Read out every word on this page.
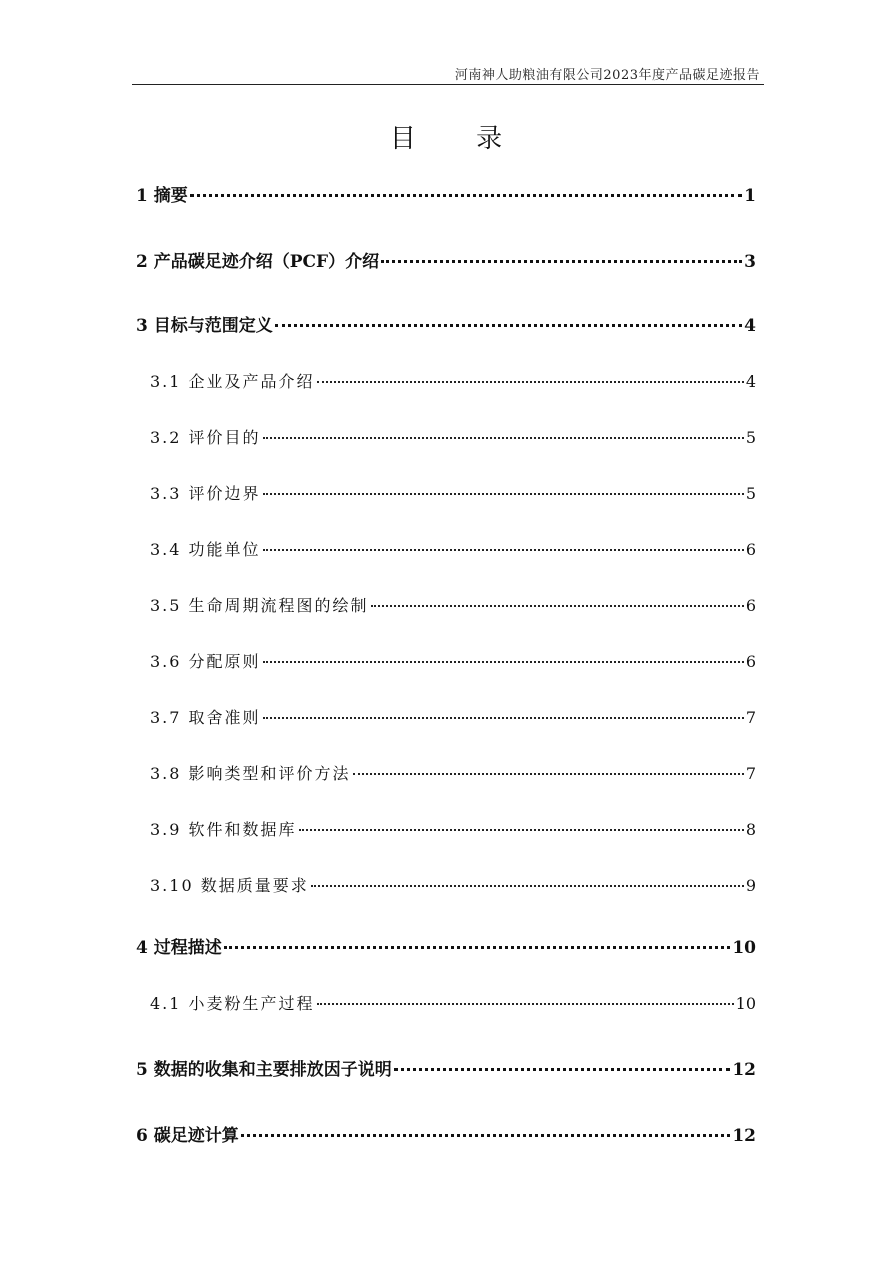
河南神人助粮油有限公司2023年度产品碳足迹报告
目 录
1 摘要	1
2 产品碳足迹介绍（PCF）介绍	3
3 目标与范围定义	4
3.1 企业及产品介绍	4
3.2 评价目的	5
3.3 评价边界	5
3.4 功能单位	6
3.5 生命周期流程图的绘制	6
3.6 分配原则	6
3.7 取舍准则	7
3.8 影响类型和评价方法	7
3.9 软件和数据库	8
3.10 数据质量要求	9
4 过程描述	10
4.1 小麦粉生产过程	10
5 数据的收集和主要排放因子说明	12
6 碳足迹计算	12
